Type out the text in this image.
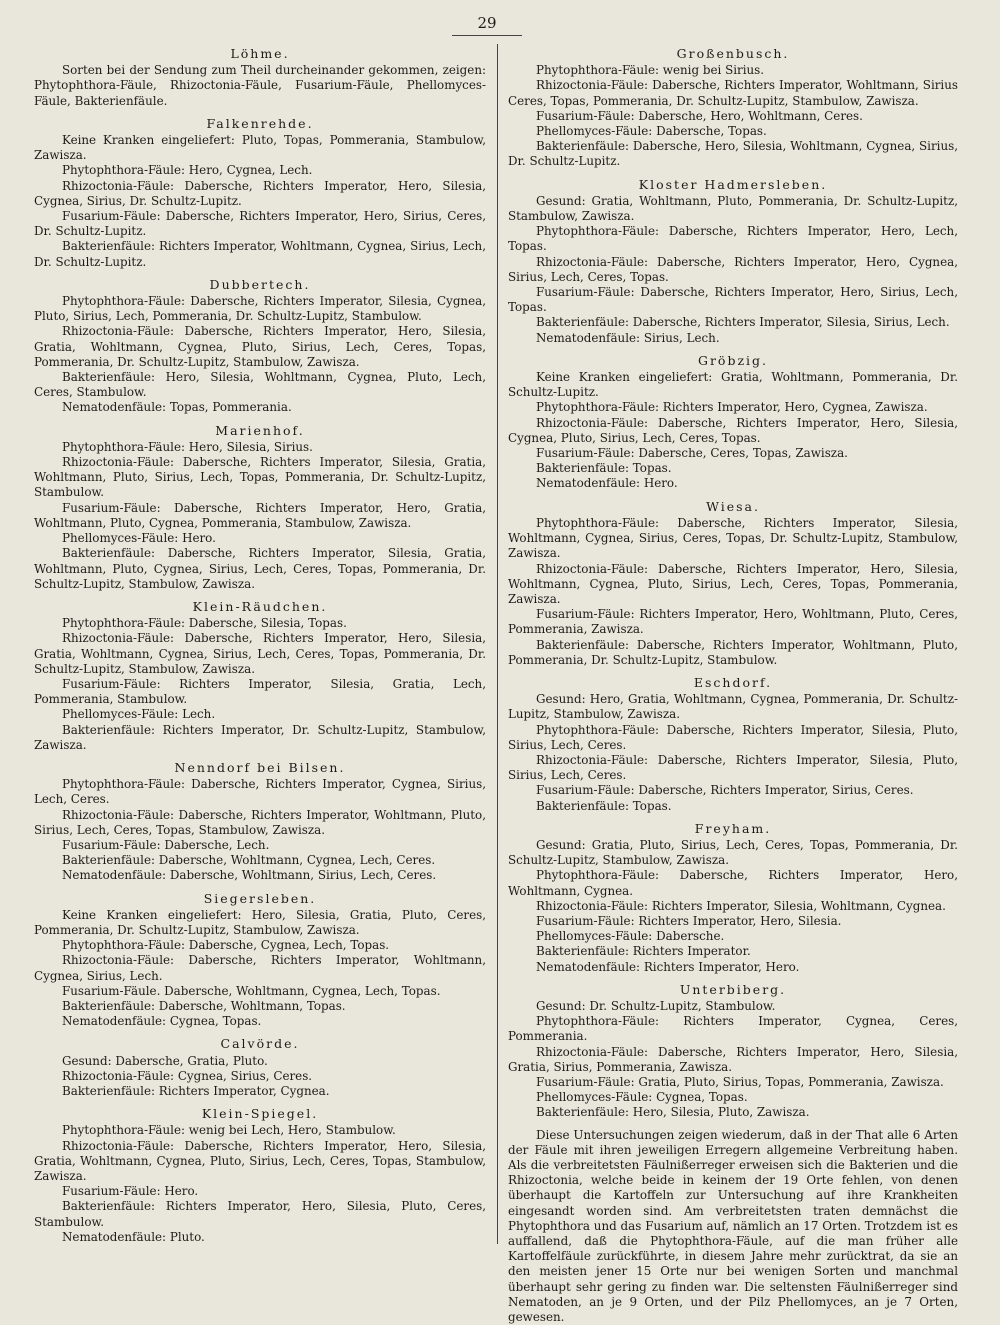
29
Löhme.

Sorten bei der Sendung zum Theil durcheinander gekommen, zeigen: Phytophthora-Fäule, Rhizoctonia-Fäule, Fusarium-Fäule, Phellomyces-Fäule, Bakterienfäule.

Falkenrehde.

Keine Kranken eingeliefert: Pluto, Topas, Pommerania, Stambulow, Zawisza.

Phytophthora-Fäule: Hero, Cygnea, Lech.

Rhizoctonia-Fäule: Dabersche, Richters Imperator, Hero, Silesia, Cygnea, Sirius, Dr. Schultz-Lupitz.

Fusarium-Fäule: Dabersche, Richters Imperator, Hero, Sirius, Ceres, Dr. Schultz-Lupitz.

Bakterienfäule: Richters Imperator, Wohltmann, Cygnea, Sirius, Lech, Dr. Schultz-Lupitz.

Dubbertech.

Phytophthora-Fäule: Dabersche, Richters Imperator, Silesia, Cygnea, Pluto, Sirius, Lech, Pommerania, Dr. Schultz-Lupitz, Stambulow.

Rhizoctonia-Fäule: Dabersche, Richters Imperator, Hero, Silesia, Gratia, Wohltmann, Cygnea, Pluto, Sirius, Lech, Ceres, Topas, Pommerania, Dr. Schultz-Lupitz, Stambulow, Zawisza.

Bakterienfäule: Hero, Silesia, Wohltmann, Cygnea, Pluto, Lech, Ceres, Stambulow.

Nematodenfäule: Topas, Pommerania.

Marienhof.

Phytophthora-Fäule: Hero, Silesia, Sirius.

Rhizoctonia-Fäule: Dabersche, Richters Imperator, Silesia, Gratia, Wohltmann, Pluto, Sirius, Lech, Topas, Pommerania, Dr. Schultz-Lupitz, Stambulow.

Fusarium-Fäule: Dabersche, Richters Imperator, Hero, Gratia, Wohltmann, Pluto, Cygnea, Pommerania, Stambulow, Zawisza.

Phellomyces-Fäule: Hero.

Bakterienfäule: Dabersche, Richters Imperator, Silesia, Gratia, Wohltmann, Pluto, Cygnea, Sirius, Lech, Ceres, Topas, Pommerania, Dr. Schultz-Lupitz, Stambulow, Zawisza.

Klein-Räudchen.

Phytophthora-Fäule: Dabersche, Silesia, Topas.

Rhizoctonia-Fäule: Dabersche, Richters Imperator, Hero, Silesia, Gratia, Wohltmann, Cygnea, Sirius, Lech, Ceres, Topas, Pommerania, Dr. Schultz-Lupitz, Stambulow, Zawisza.

Fusarium-Fäule: Richters Imperator, Silesia, Gratia, Lech, Pommerania, Stambulow.

Phellomyces-Fäule: Lech.

Bakterienfäule: Richters Imperator, Dr. Schultz-Lupitz, Stambulow, Zawisza.

Nenndorf bei Bilsen.

Phytophthora-Fäule: Dabersche, Richters Imperator, Cygnea, Sirius, Lech, Ceres.

Rhizoctonia-Fäule: Dabersche, Richters Imperator, Wohltmann, Pluto, Sirius, Lech, Ceres, Topas, Stambulow, Zawisza.

Fusarium-Fäule: Dabersche, Lech.

Bakterienfäule: Dabersche, Wohltmann, Cygnea, Lech, Ceres.

Nematodenfäule: Dabersche, Wohltmann, Sirius, Lech, Ceres.

Siegersleben.

Keine Kranken eingeliefert: Hero, Silesia, Gratia, Pluto, Ceres, Pommerania, Dr. Schultz-Lupitz, Stambulow, Zawisza.

Phytophthora-Fäule: Dabersche, Cygnea, Lech, Topas.

Rhizoctonia-Fäule: Dabersche, Richters Imperator, Wohltmann, Cygnea, Sirius, Lech.

Fusarium-Fäule. Dabersche, Wohltmann, Cygnea, Lech, Topas.

Bakterienfäule: Dabersche, Wohltmann, Topas.

Nematodenfäule: Cygnea, Topas.

Calvörde.

Gesund: Dabersche, Gratia, Pluto.

Rhizoctonia-Fäule: Cygnea, Sirius, Ceres.

Bakterienfäule: Richters Imperator, Cygnea.

Klein-Spiegel.

Phytophthora-Fäule: wenig bei Lech, Hero, Stambulow.

Rhizoctonia-Fäule: Dabersche, Richters Imperator, Hero, Silesia, Gratia, Wohltmann, Cygnea, Pluto, Sirius, Lech, Ceres, Topas, Stambulow, Zawisza.

Fusarium-Fäule: Hero.

Bakterienfäule: Richters Imperator, Hero, Silesia, Pluto, Ceres, Stambulow.

Nematodenfäule: Pluto.

Großenbusch.

Phytophthora-Fäule: wenig bei Sirius.

Rhizoctonia-Fäule: Dabersche, Richters Imperator, Wohltmann, Sirius Ceres, Topas, Pommerania, Dr. Schultz-Lupitz, Stambulow, Zawisza.

Fusarium-Fäule: Dabersche, Hero, Wohltmann, Ceres.

Phellomyces-Fäule: Dabersche, Topas.

Bakterienfäule: Dabersche, Hero, Silesia, Wohltmann, Cygnea, Sirius, Dr. Schultz-Lupitz.

Kloster Hadmersleben.

Gesund: Gratia, Wohltmann, Pluto, Pommerania, Dr. Schultz-Lupitz, Stambulow, Zawisza.

Phytophthora-Fäule: Dabersche, Richters Imperator, Hero, Lech, Topas.

Rhizoctonia-Fäule: Dabersche, Richters Imperator, Hero, Cygnea, Sirius, Lech, Ceres, Topas.

Fusarium-Fäule: Dabersche, Richters Imperator, Hero, Sirius, Lech, Topas.

Bakterienfäule: Dabersche, Richters Imperator, Silesia, Sirius, Lech.

Nematodenfäule: Sirius, Lech.

Gröbzig.

Keine Kranken eingeliefert: Gratia, Wohltmann, Pommerania, Dr. Schultz-Lupitz.

Phytophthora-Fäule: Richters Imperator, Hero, Cygnea, Zawisza.

Rhizoctonia-Fäule: Dabersche, Richters Imperator, Hero, Silesia, Cygnea, Pluto, Sirius, Lech, Ceres, Topas.

Fusarium-Fäule: Dabersche, Ceres, Topas, Zawisza.

Bakterienfäule: Topas.

Nematodenfäule: Hero.

Wiesa.

Phytophthora-Fäule: Dabersche, Richters Imperator, Silesia, Wohltmann, Cygnea, Sirius, Ceres, Topas, Dr. Schultz-Lupitz, Stambulow, Zawisza.

Rhizoctonia-Fäule: Dabersche, Richters Imperator, Hero, Silesia, Wohltmann, Cygnea, Pluto, Sirius, Lech, Ceres, Topas, Pommerania, Zawisza.

Fusarium-Fäule: Richters Imperator, Hero, Wohltmann, Pluto, Ceres, Pommerania, Zawisza.

Bakterienfäule: Dabersche, Richters Imperator, Wohltmann, Pluto, Pommerania, Dr. Schultz-Lupitz, Stambulow.

Eschdorf.

Gesund: Hero, Gratia, Wohltmann, Cygnea, Pommerania, Dr. Schultz-Lupitz, Stambulow, Zawisza.

Phytophthora-Fäule: Dabersche, Richters Imperator, Silesia, Pluto, Sirius, Lech, Ceres.

Rhizoctonia-Fäule: Dabersche, Richters Imperator, Silesia, Pluto, Sirius, Lech, Ceres.

Fusarium-Fäule: Dabersche, Richters Imperator, Sirius, Ceres.

Bakterienfäule: Topas.

Freyham.

Gesund: Gratia, Pluto, Sirius, Lech, Ceres, Topas, Pommerania, Dr. Schultz-Lupitz, Stambulow, Zawisza.

Phytophthora-Fäule: Dabersche, Richters Imperator, Hero, Wohltmann, Cygnea.

Rhizoctonia-Fäule: Richters Imperator, Silesia, Wohltmann, Cygnea.

Fusarium-Fäule: Richters Imperator, Hero, Silesia.

Phellomyces-Fäule: Dabersche.

Bakterienfäule: Richters Imperator.

Nematodenfäule: Richters Imperator, Hero.

Unterbiberg.

Gesund: Dr. Schultz-Lupitz, Stambulow.

Phytophthora-Fäule: Richters Imperator, Cygnea, Ceres, Pommerania.

Rhizoctonia-Fäule: Dabersche, Richters Imperator, Hero, Silesia, Gratia, Sirius, Pommerania, Zawisza.

Fusarium-Fäule: Gratia, Pluto, Sirius, Topas, Pommerania, Zawisza.

Phellomyces-Fäule: Cygnea, Topas.

Bakterienfäule: Hero, Silesia, Pluto, Zawisza.

Diese Untersuchungen zeigen wiederum, daß in der That alle 6 Arten der Fäule mit ihren jeweiligen Erregern allgemeine Verbreitung haben. Als die verbreitetsten Fäulnißerreger erweisen sich die Bakterien und die Rhizoctonia, welche beide in keinem der 19 Orte fehlen, von denen überhaupt die Kartoffeln zur Untersuchung auf ihre Krankheiten eingesandt worden sind. Am verbreitetsten traten demnächst die Phytophthora und das Fusarium auf, nämlich an 17 Orten. Trotzdem ist es auffallend, daß die Phytophthora-Fäule, auf die man früher alle Kartoffelfäule zurückführte, in diesem Jahre mehr zurücktrat, da sie an den meisten jener 15 Orte nur bei wenigen Sorten und manchmal überhaupt sehr gering zu finden war. Die seltensten Fäulnißerreger sind Nematoden, an je 9 Orten, und der Pilz Phellomyces, an je 7 Orten, gewesen.
